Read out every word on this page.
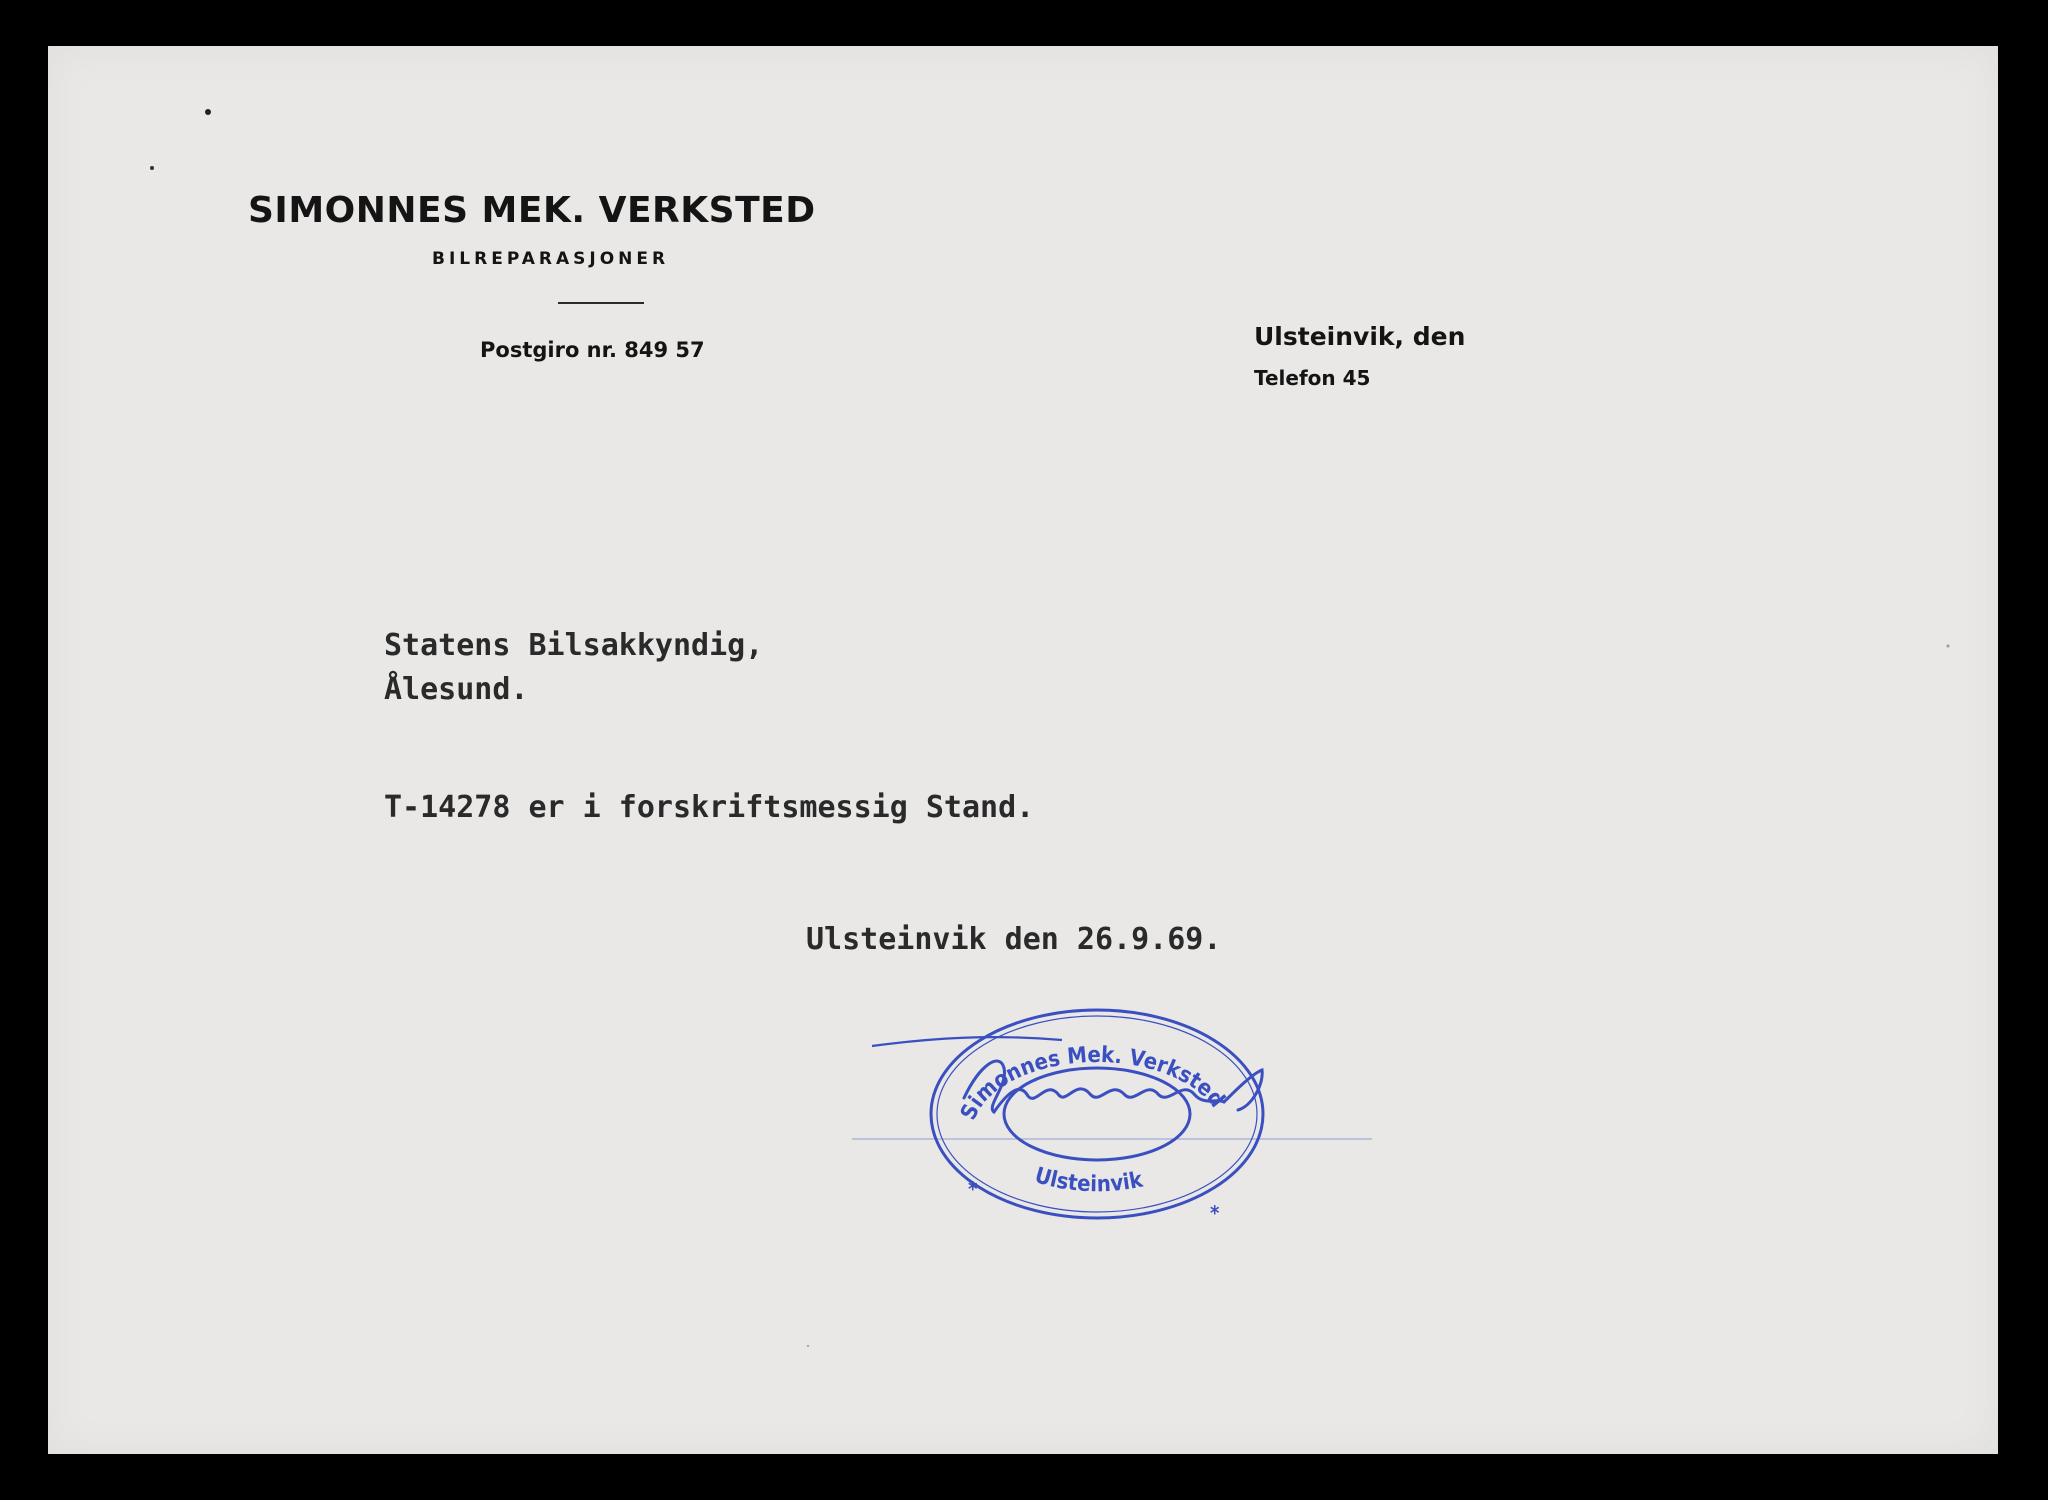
SIMONNES MEK. VERKSTED
BILREPARASJONER
Postgiro nr. 849 57	Ulsteinvik, den
Telefon 45
Statens Bilsakkyndig,
Ålesund.
T-14278 er i forskriftsmessig Stand.
Ulsteinvik den 26.9.69.
Simonnes Mek. Verksted
Ulsteinvik
*
*
